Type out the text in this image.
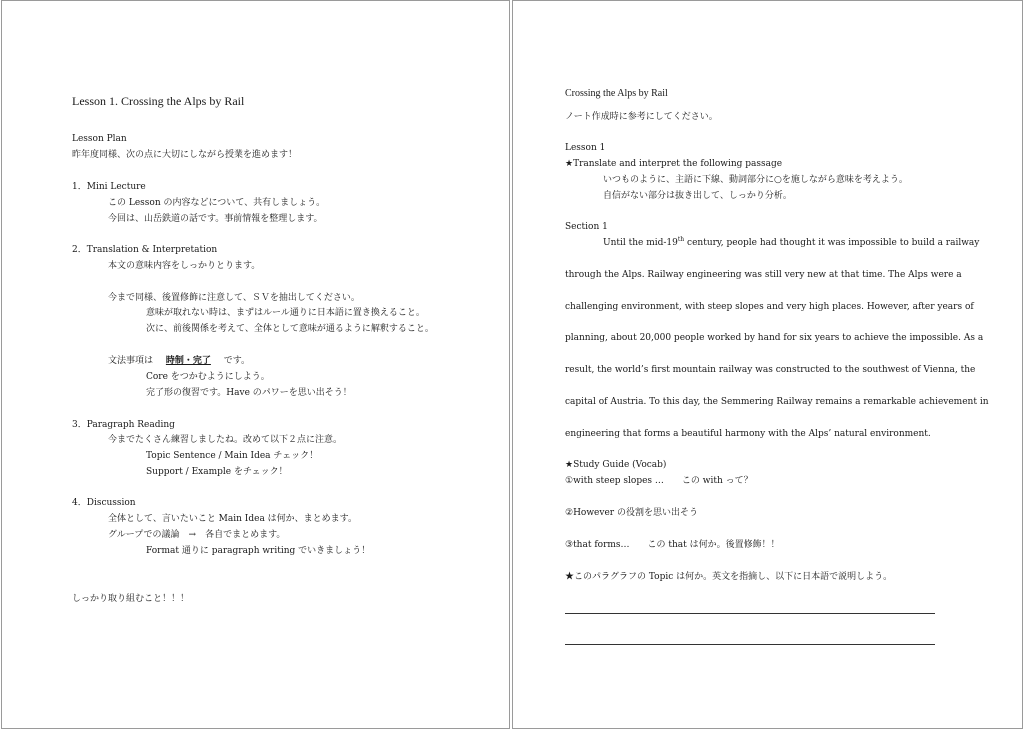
Lesson 1. Crossing the Alps by Rail
Lesson Plan
昨年度同様、次の点に大切にしながら授業を進めます！
1．Mini Lecture
この Lesson の内容などについて、共有しましょう。
今回は、山岳鉄道の話です。事前情報を整理します。
2．Translation & Interpretation
本文の意味内容をしっかりとります。
今まで同様、後置修飾に注意して、ＳＶを抽出してください。
意味が取れない時は、まずはルール通りに日本語に置き換えること。
次に、前後関係を考えて、全体として意味が通るように解釈すること。
文法事項は 時制・完了 です。
Core をつかむようにしよう。
完了形の復習です。Have のパワーを思い出そう！
3．Paragraph Reading
今までたくさん練習しましたね。改めて以下２点に注意。
Topic Sentence / Main Idea チェック！
Support / Example をチェック！
4．Discussion
全体として、言いたいこと Main Idea は何か、まとめます。
グループでの議論　→　各自でまとめます。
Format 通りに paragraph writing でいきましょう！
しっかり取り組むこと！！！
Crossing the Alps by Rail
ノート作成時に参考にしてください。
Lesson 1
★Translate and interpret the following passage
いつものように、主語に下線、動詞部分に○を施しながら意味を考えよう。
自信がない部分は抜き出して、しっかり分析。
Section 1
Until the mid-19th century, people had thought it was impossible to build a railway
through the Alps. Railway engineering was still very new at that time. The Alps were a
challenging environment, with steep slopes and very high places. However, after years of
planning, about 20,000 people worked by hand for six years to achieve the impossible. As a
result, the world’s first mountain railway was constructed to the southwest of Vienna, the
capital of Austria. To this day, the Semmering Railway remains a remarkable achievement in
engineering that forms a beautiful harmony with the Alps’ natural environment.
★Study Guide (Vocab)
①with steep slopes …　　この with って？
②However の役割を思い出そう
③that forms…　　この that は何か。後置修飾！！
★このパラグラフの Topic は何か。英文を指摘し、以下に日本語で説明しよう。
